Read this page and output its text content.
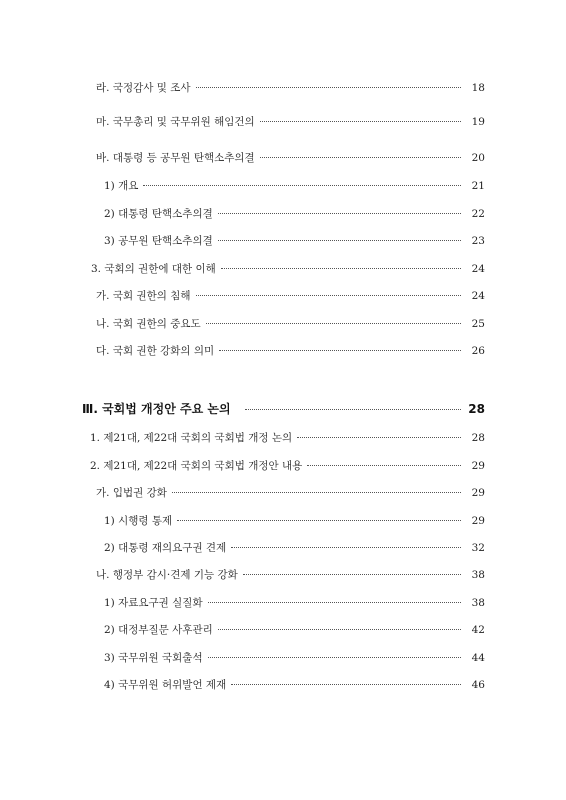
라. 국정감사 및 조사	18
마. 국무총리 및 국무위원 해임건의	19
바. 대통령 등 공무원 탄핵소추의결	20
1) 개요	21
2) 대통령 탄핵소추의결	22
3) 공무원 탄핵소추의결	23
3. 국회의 권한에 대한 이해	24
가. 국회 권한의 침해	24
나. 국회 권한의 중요도	25
다. 국회 권한 강화의 의미	26
Ⅲ. 국회법 개정안 주요 논의	28
1. 제21대, 제22대 국회의 국회법 개정 논의	28
2. 제21대, 제22대 국회의 국회법 개정안 내용	29
가. 입법권 강화	29
1) 시행령 통제	29
2) 대통령 재의요구권 견제	32
나. 행정부 감시·견제 기능 강화	38
1) 자료요구권 실질화	38
2) 대정부질문 사후관리	42
3) 국무위원 국회출석	44
4) 국무위원 허위발언 제재	46
